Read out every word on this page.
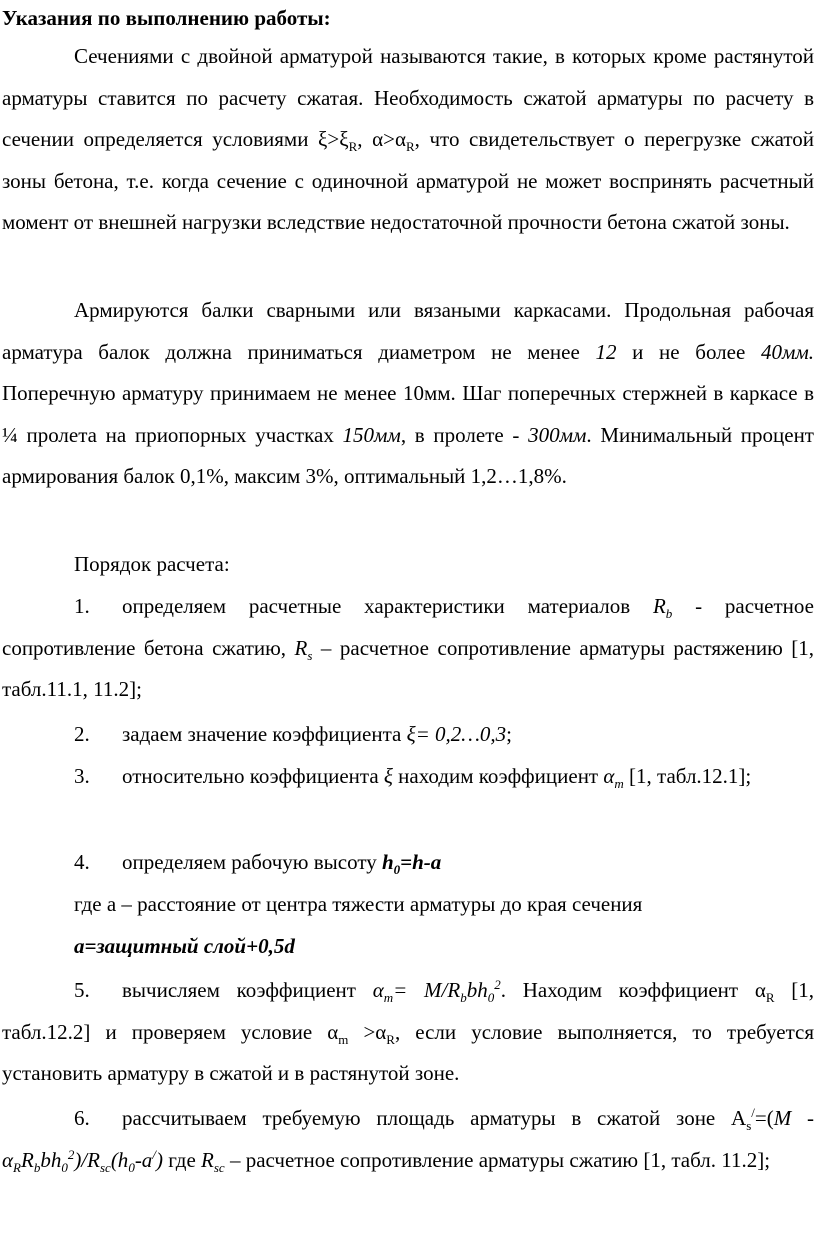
Указания по выполнению работы:
Сечениями с двойной арматурой называются такие, в которых кроме растянутой арматуры ставится по расчету сжатая. Необходимость сжатой арматуры по расчету в сечении определяется условиями $\xi>\xi_R$, $\alpha>\alpha_R$, что свидетельствует о перегрузке сжатой зоны бетона, т.е. когда сечение с одиночной арматурой не может воспринять расчетный момент от внешней нагрузки вследствие недостаточной прочности бетона сжатой зоны.
Армируются балки сварными или вязаными каркасами. Продольная рабочая арматура балок должна приниматься диаметром не менее 12 и не более 40мм. Поперечную арматуру принимаем не менее 10мм. Шаг поперечных стержней в каркасе в ¼ пролета на приопорных участках 150мм, в пролете - 300мм. Минимальный процент армирования балок 0,1%, максим 3%, оптимальный 1,2…1,8%.
Порядок расчета:
1. определяем расчетные характеристики материалов $R_b$ - расчетное сопротивление бетона сжатию, $R_s$ – расчетное сопротивление арматуры растяжению [1, табл.11.1, 11.2];
2. задаем значение коэффициента ξ= 0,2…0,3;
3. относительно коэффициента ξ находим коэффициент $\alpha_m$ [1, табл.12.1];
4. определяем рабочую высоту $h_0=h-a$
где а – расстояние от центра тяжести арматуры до края сечения
а=защитный слой+0,5d
5. вычисляем коэффициент $\alpha_m= M/R_bbh_0^2$. Находим коэффициент $\alpha_R$ [1, табл.12.2] и проверяем условие $\alpha_m >\alpha_R$, если условие выполняется, то требуется установить арматуру в сжатой и в растянутой зоне.
6. рассчитываем требуемую площадь арматуры в сжатой зоне $A_s^/=(M - \alpha_RR_bbh_0^2)/R_{sc}(h_0-a^/)$ где $R_{sc}$ – расчетное сопротивление арматуры сжатию [1, табл. 11.2];
